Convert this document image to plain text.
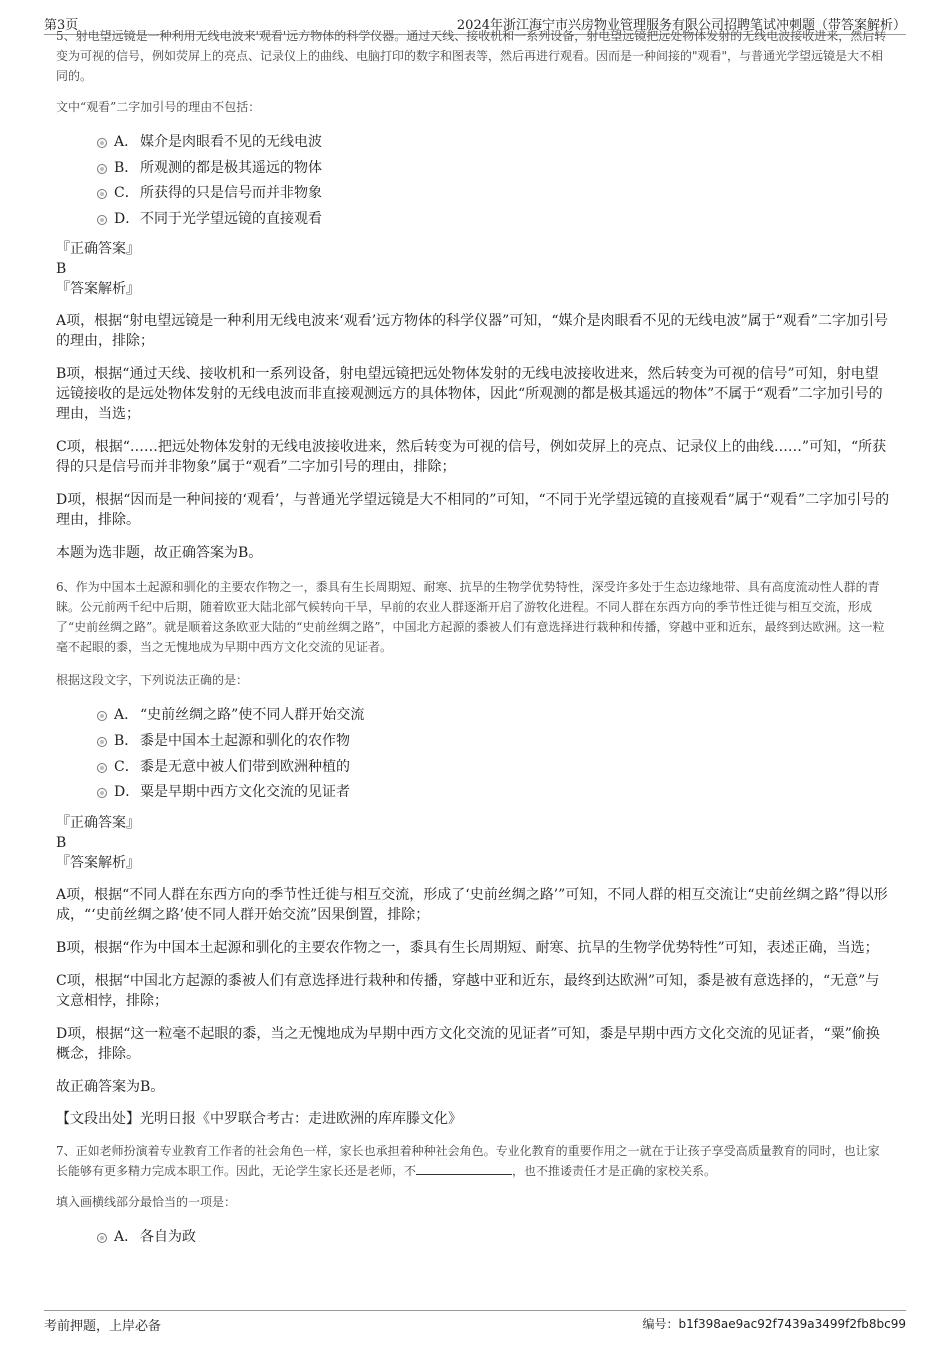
第3页	2024年浙江海宁市兴房物业管理服务有限公司招聘笔试冲刺题（带答案解析）
5、射电望远镜是一种利用无线电波来'观看'远方物体的科学仪器。通过天线、接收机和一系列设备，射电望远镜把远处物体发射的无线电波接收进来，然后转变为可视的信号，例如荧屏上的亮点、记录仪上的曲线、电脑打印的数字和图表等，然后再进行观看。因而是一种间接的"观看"，与普通光学望远镜是大不相同的。

文中“观看”二字加引号的理由不包括：

A． 媒介是肉眼看不见的无线电波
B． 所观测的都是极其遥远的物体
C．所获得的只是信号而并非物象
D．不同于光学望远镜的直接观看
『正确答案』
B
『答案解析』

A项，根据“射电望远镜是一种利用无线电波来‘观看’远方物体的科学仪器”可知，“媒介是肉眼看不见的无线电波”属于“观看”二字加引号的理由，排除；

B项，根据“通过天线、接收机和一系列设备，射电望远镜把远处物体发射的无线电波接收进来，然后转变为可视的信号”可知，射电望远镜接收的是远处物体发射的无线电波而非直接观测远方的具体物体，因此“所观测的都是极其遥远的物体”不属于“观看”二字加引号的理由，当选；

C项，根据“……把远处物体发射的无线电波接收进来，然后转变为可视的信号，例如荧屏上的亮点、记录仪上的曲线……”可知，“所获得的只是信号而并非物象”属于“观看”二字加引号的理由，排除；

D项，根据“因而是一种间接的‘观看’，与普通光学望远镜是大不相同的”可知，“不同于光学望远镜的直接观看”属于“观看”二字加引号的理由，排除。

本题为选非题，故正确答案为B。

6、作为中国本土起源和驯化的主要农作物之一，黍具有生长周期短、耐寒、抗旱的生物学优势特性，深受许多处于生态边缘地带、具有高度流动性人群的青睐。公元前两千纪中后期，随着欧亚大陆北部气候转向干旱，早前的农业人群逐渐开启了游牧化进程。不同人群在东西方向的季节性迁徙与相互交流，形成了“史前丝绸之路”。就是顺着这条欧亚大陆的“史前丝绸之路”，中国北方起源的黍被人们有意选择进行栽种和传播，穿越中亚和近东，最终到达欧洲。这一粒毫不起眼的黍，当之无愧地成为早期中西方文化交流的见证者。

根据这段文字，下列说法正确的是：

A． “史前丝绸之路”使不同人群开始交流
B． 黍是中国本土起源和驯化的农作物
C．黍是无意中被人们带到欧洲种植的
D．粟是早期中西方文化交流的见证者
『正确答案』
B
『答案解析』

A项，根据“不同人群在东西方向的季节性迁徙与相互交流，形成了‘史前丝绸之路’”可知，不同人群的相互交流让“史前丝绸之路”得以形成，“‘史前丝绸之路’使不同人群开始交流”因果倒置，排除；

B项，根据“作为中国本土起源和驯化的主要农作物之一，黍具有生长周期短、耐寒、抗旱的生物学优势特性”可知，表述正确，当选；

C项，根据“中国北方起源的黍被人们有意选择进行栽种和传播，穿越中亚和近东，最终到达欧洲”可知，黍是被有意选择的，“无意”与文意相悖，排除；

D项，根据“这一粒毫不起眼的黍，当之无愧地成为早期中西方文化交流的见证者”可知，黍是早期中西方文化交流的见证者，“粟”偷换概念，排除。

故正确答案为B。

【文段出处】光明日报《中罗联合考古：走进欧洲的库库滕文化》

7、正如老师扮演着专业教育工作者的社会角色一样，家长也承担着种种社会角色。专业化教育的重要作用之一就在于让孩子享受高质量教育的同时，也让家长能够有更多精力完成本职工作。因此，无论学生家长还是老师，不	，也不推诿责任才是正确的家校关系。

填入画横线部分最恰当的一项是：

A． 各自为政
考前押题，上岸必备	编号：b1f398ae9ac92f7439a3499f2fb8bc99
